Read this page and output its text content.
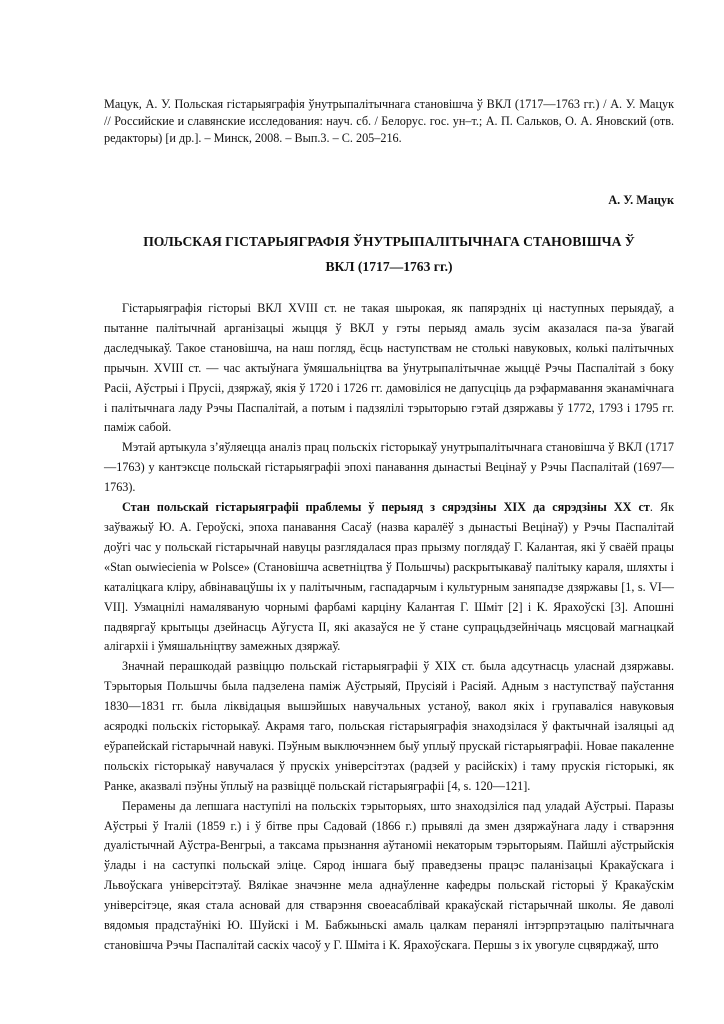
Мацук, А. У. Польская гістарыяграфія ўнутрыпалітычнага становішча ў ВКЛ (1717—1763 гг.) / А. У. Мацук // Российские и славянские исследования: науч. сб. / Белорус. гос. ун–т.; А. П. Сальков, О. А. Яновский (отв. редакторы) [и др.]. – Минск, 2008. – Вып.3. – С. 205–216.

А. У. Мацук

ПОЛЬСКАЯ ГІСТАРЫЯГРАФІЯ ЎНУТРЫПАЛІТЫЧНАГА СТАНОВІШЧА Ў
ВКЛ (1717—1763 гг.)

Гістарыяграфія гісторыі ВКЛ XVIII ст. не такая шырокая, як папярэдніх ці наступных перыядаў, а пытанне палітычнай арганізацыі жыцця ў ВКЛ у гэты перыяд амаль зусім аказалася па-за ўвагай даследчыкаў. Такое становішча, на наш погляд, ёсць наступствам не столькі навуковых, колькі палітычных прычын. XVIII ст. — час актыўнага ўмяшальніцтва ва ўнутрыпалітычнае жыццё Рэчы Паспалітай з боку Расіі, Аўстрыі і Прусіі, дзяржаў, якія ў 1720 і 1726 гг. дамовіліся не дапусціць да рэфармавання эканамічнага і палітычнага ладу Рэчы Паспалітай, а потым і падзялілі тэрыторыю гэтай дзяржавы ў 1772, 1793 і 1795 гг. паміж сабой.

Мэтай артыкула з’яўляецца аналіз прац польскіх гісторыкаў унутрыпалітычнага становішча ў ВКЛ (1717—1763) у кантэксце польскай гістарыяграфіі эпохі панавання дынастыі Вецінаў у Рэчы Паспалітай (1697—1763).

Стан польскай гістарыяграфіі праблемы ў перыяд з сярэдзіны XIX да сярэдзіны XX ст. Як заўважыў Ю. А. Героўскі, эпоха панавання Сасаў (назва каралёў з дынастыі Вецінаў) у Рэчы Паспалітай доўгі час у польскай гістарычнай навуцы разглядалася праз прызму поглядаў Г. Калантая, які ў сваёй працы «Stan oыwiecienia w Polsce» (Становішча асветніцтва ў Польшчы) раскрытыкаваў палітыку караля, шляхты і каталіцкага кліру, абвінавацўшы іх у палітычным, гаспадарчым і культурным заняпадзе дзяржавы [1, s. VI—VII]. Узмацнілі намаляваную чорнымі фарбамі карціну Калантая Г. Шміт [2] і К. Ярахоўскі [3]. Апошні падвяргаў крытыцы дзейнасць Аўгуста II, які аказаўся не ў стане супрацьдзейнічаць мясцовай магнацкай алігархіі і ўмяшальніцтву замежных дзяржаў.

Значнай перашкодай развіццю польскай гістарыяграфіі ў XIX ст. была адсутнасць уласнай дзяржавы. Тэрыторыя Польшчы была падзелена паміж Аўстрыяй, Прусіяй і Расіяй. Адным з наступстваў паўстання 1830—1831 гг. была ліквідацыя вышэйшых навучальных устаноў, вакол якіх і групаваліся навуковыя асяродкі польскіх гісторыкаў. Акрамя таго, польская гістарыяграфія знаходзілася ў фактычнай ізаляцыі ад еўрапейскай гістарычнай навукі. Пэўным выключэннем быў уплыў прускай гістарыяграфіі. Новае пакаленне польскіх гісторыкаў навучалася ў прускіх універсітэтах (радзей у расійскіх) і таму прускія гісторыкі, як Ранке, аказвалі пэўны ўплыў на развіццё польскай гістарыяграфіі [4, s. 120—121].

Перамены да лепшага наступілі на польскіх тэрыторыях, што знаходзіліся пад уладай Аўстрыі. Паразы Аўстрыі ў Італіі (1859 г.) і ў бітве пры Садовай (1866 г.) прывялі да змен дзяржаўнага ладу і стварэння дуалістычнай Аўстра-Венгрыі, а таксама прызнання аўтаноміі некаторым тэрыторыям. Пайшлі аўстрыйскія ўлады і на саступкі польскай эліце. Сярод іншага быў праведзены працэс паланізацыі Кракаўскага і Львоўскага універсітэтаў. Вялікае значэнне мела аднаўленне кафедры польскай гісторыі ў Кракаўскім універсітэце, якая стала асновай для стварэння своеасаблівай кракаўскай гістарычнай школы. Яе даволі вядомыя прадстаўнікі Ю. Шуйскі і М. Бабжыньскі амаль цалкам перанялі інтэрпрэтацыю палітычнага становішча Рэчы Паспалітай саскіх часоў у Г. Шміта і К. Ярахоўскага. Першы з іх увогуле сцвярджаў, што
